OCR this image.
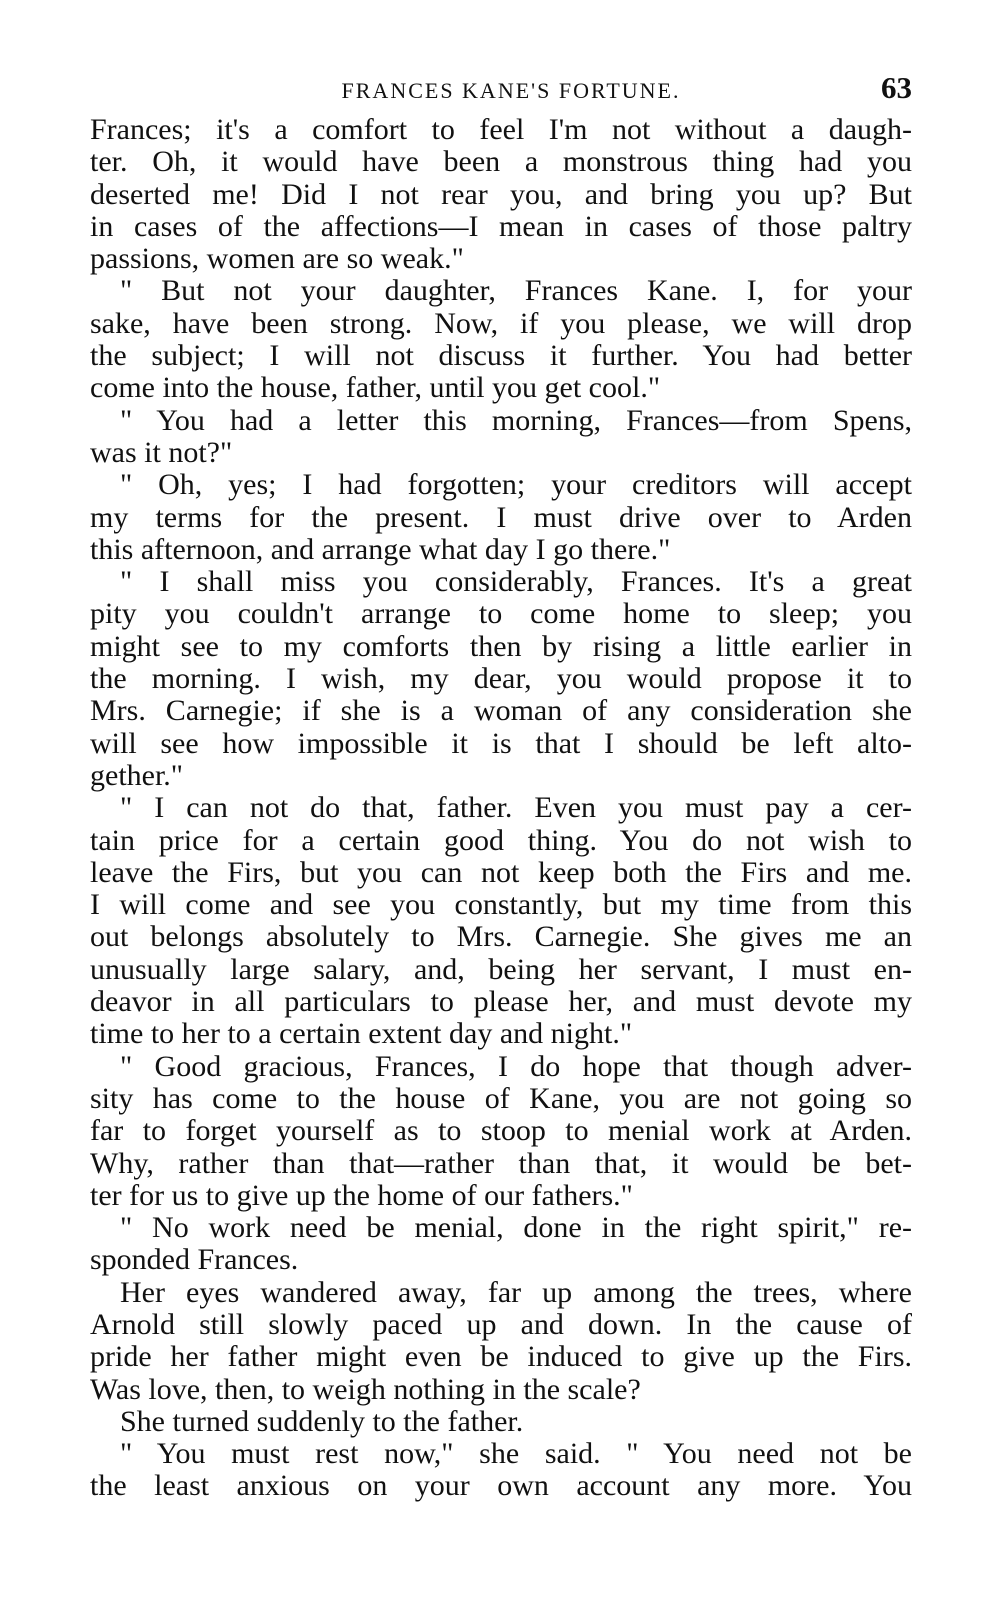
FRANCES KANE'S FORTUNE.	63
Frances; it's a comfort to feel I'm not without a daugh-
ter. Oh, it would have been a monstrous thing had you
deserted me! Did I not rear you, and bring you up? But
in cases of the affections—I mean in cases of those paltry
passions, women are so weak."
" But not your daughter, Frances Kane. I, for your
sake, have been strong. Now, if you please, we will drop
the subject; I will not discuss it further. You had better
come into the house, father, until you get cool."
" You had a letter this morning, Frances—from Spens,
was it not?"
" Oh, yes; I had forgotten; your creditors will accept
my terms for the present. I must drive over to Arden
this afternoon, and arrange what day I go there."
" I shall miss you considerably, Frances. It's a great
pity you couldn't arrange to come home to sleep; you
might see to my comforts then by rising a little earlier in
the morning. I wish, my dear, you would propose it to
Mrs. Carnegie; if she is a woman of any consideration she
will see how impossible it is that I should be left alto-
gether."
" I can not do that, father. Even you must pay a cer-
tain price for a certain good thing. You do not wish to
leave the Firs, but you can not keep both the Firs and me.
I will come and see you constantly, but my time from this
out belongs absolutely to Mrs. Carnegie. She gives me an
unusually large salary, and, being her servant, I must en-
deavor in all particulars to please her, and must devote my
time to her to a certain extent day and night."
" Good gracious, Frances, I do hope that though adver-
sity has come to the house of Kane, you are not going so
far to forget yourself as to stoop to menial work at Arden.
Why, rather than that—rather than that, it would be bet-
ter for us to give up the home of our fathers."
" No work need be menial, done in the right spirit," re-
sponded Frances.
Her eyes wandered away, far up among the trees, where
Arnold still slowly paced up and down. In the cause of
pride her father might even be induced to give up the Firs.
Was love, then, to weigh nothing in the scale?
She turned suddenly to the father.
" You must rest now," she said. " You need not be
the least anxious on your own account any more. You
